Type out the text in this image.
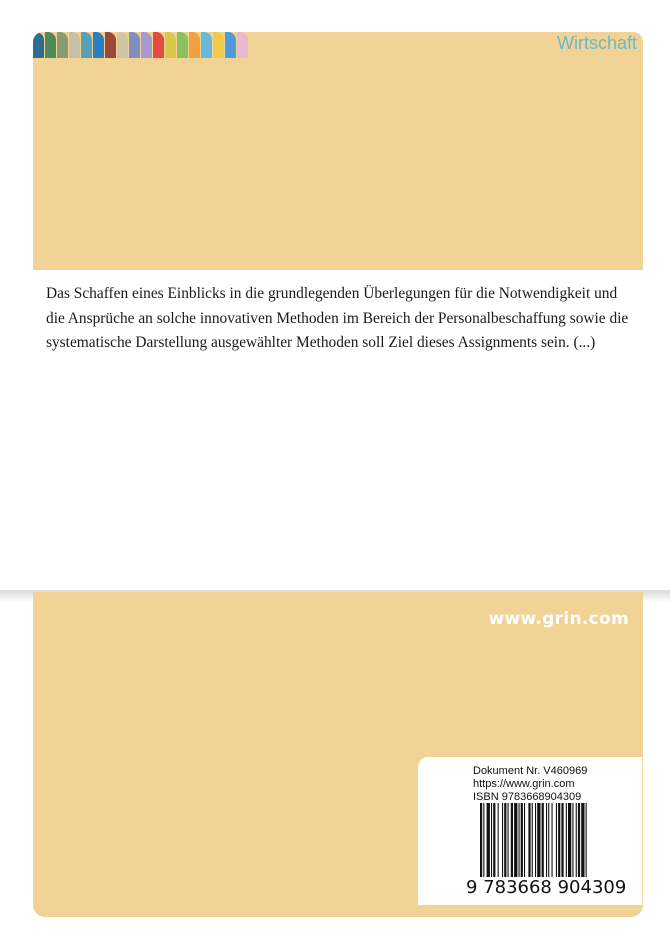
Wirtschaft
Das Schaffen eines Einblicks in die grundlegenden Überlegungen für die Notwendigkeit und die Ansprüche an solche innovativen Methoden im Bereich der Personalbeschaffung sowie die systematische Darstellung ausgewählter Methoden soll Ziel dieses Assignments sein. (...)
www.grin.com
Dokument Nr. V460969
https://www.grin.com
ISBN 9783668904309
9 783668 904309
